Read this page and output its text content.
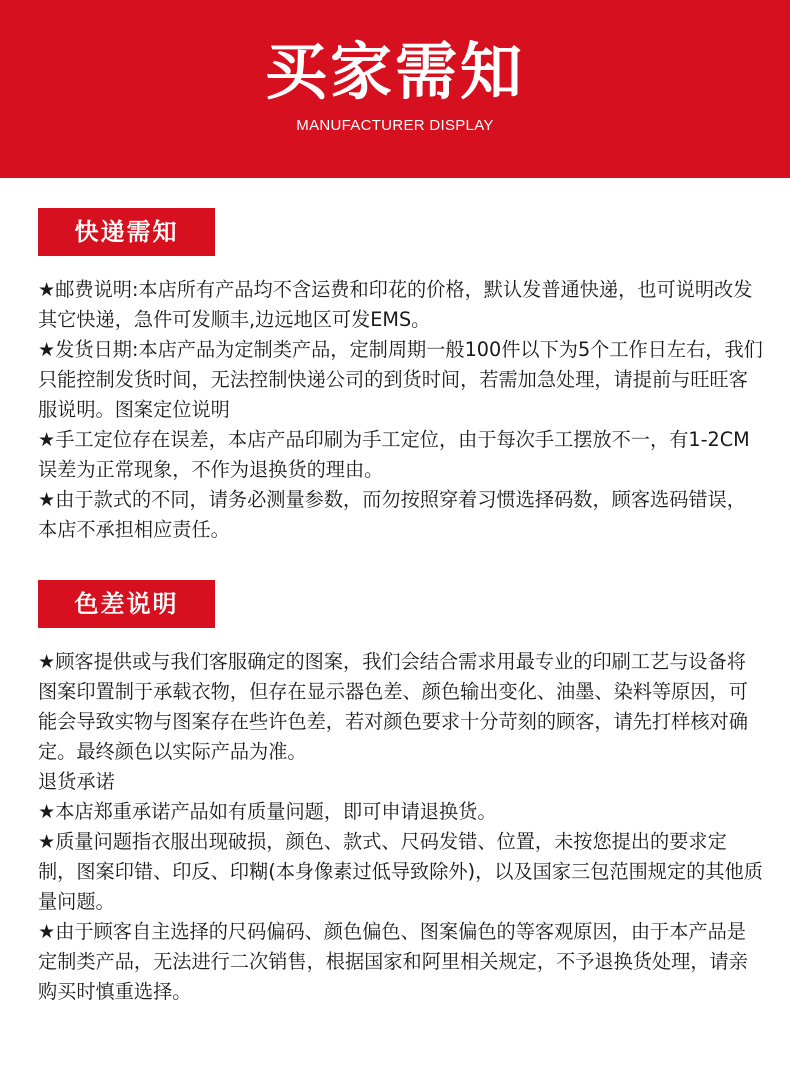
买家需知
MANUFACTURER DISPLAY
快递需知

★邮费说明:本店所有产品均不含运费和印花的价格，默认发普通快递，也可说明改发其它快递，急件可发顺丰,边远地区可发EMS。

★发货日期:本店产品为定制类产品，定制周期一般100件以下为5个工作日左右，我们只能控制发货时间，无法控制快递公司的到货时间，若需加急处理，请提前与旺旺客服说明。图案定位说明

★手工定位存在误差，本店产品印刷为手工定位，由于每次手工摆放不一，有1-2CM误差为正常现象，不作为退换货的理由。

★由于款式的不同，请务必测量参数，而勿按照穿着习惯选择码数，顾客选码错误，本店不承担相应责任。

色差说明

★顾客提供或与我们客服确定的图案，我们会结合需求用最专业的印刷工艺与设备将图案印置制于承载衣物，但存在显示器色差、颜色输出变化、油墨、染料等原因，可能会导致实物与图案存在些许色差，若对颜色要求十分苛刻的顾客，请先打样核对确定。最终颜色以实际产品为准。

退货承诺

★本店郑重承诺产品如有质量问题，即可申请退换货。

★质量问题指衣服出现破损，颜色、款式、尺码发错、位置，未按您提出的要求定制，图案印错、印反、印糊(本身像素过低导致除外)，以及国家三包范围规定的其他质量问题。

★由于顾客自主选择的尺码偏码、颜色偏色、图案偏色的等客观原因，由于本产品是定制类产品，无法进行二次销售，根据国家和阿里相关规定，不予退换货处理，请亲购买时慎重选择。
